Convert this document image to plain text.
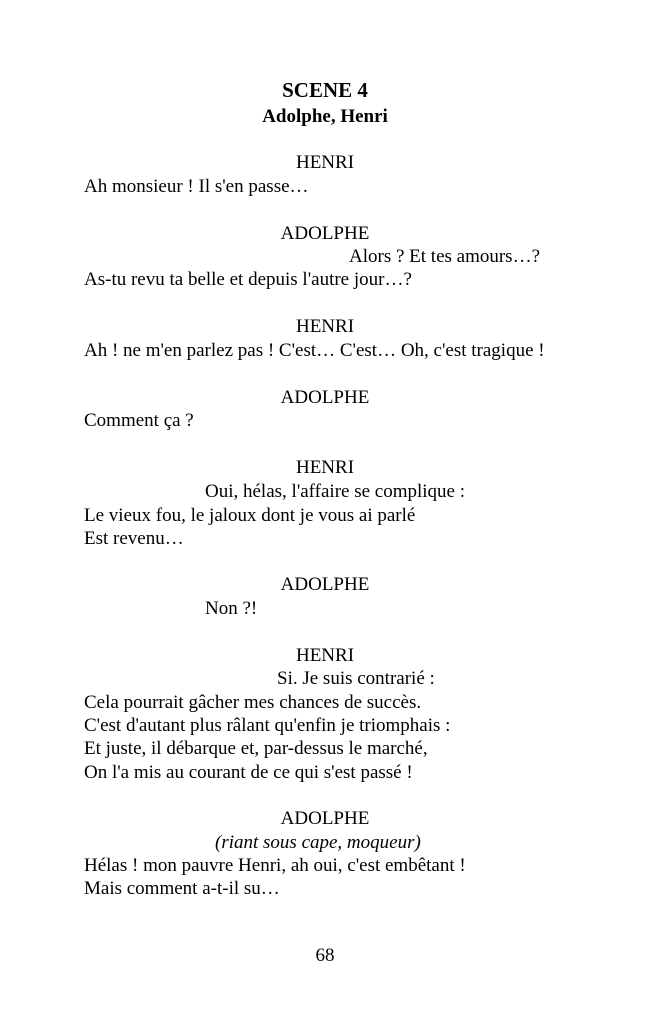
SCENE 4

Adolphe, Henri

HENRI

Ah monsieur ! Il s'en passe…

ADOLPHE

Alors ? Et tes amours…?

As-tu revu ta belle et depuis l'autre jour…?

HENRI

Ah ! ne m'en parlez pas ! C'est… C'est… Oh, c'est tragique !

ADOLPHE

Comment ça ?

HENRI

Oui, hélas, l'affaire se complique :

Le vieux fou, le jaloux dont je vous ai parlé

Est revenu…

ADOLPHE

Non ?!

HENRI

Si. Je suis contrarié :

Cela pourrait gâcher mes chances de succès.

C'est d'autant plus râlant qu'enfin je triomphais :

Et juste, il débarque et, par-dessus le marché,

On l'a mis au courant de ce qui s'est passé !

ADOLPHE

(riant sous cape, moqueur)

Hélas ! mon pauvre Henri, ah oui, c'est embêtant !

Mais comment a-t-il su…

68
